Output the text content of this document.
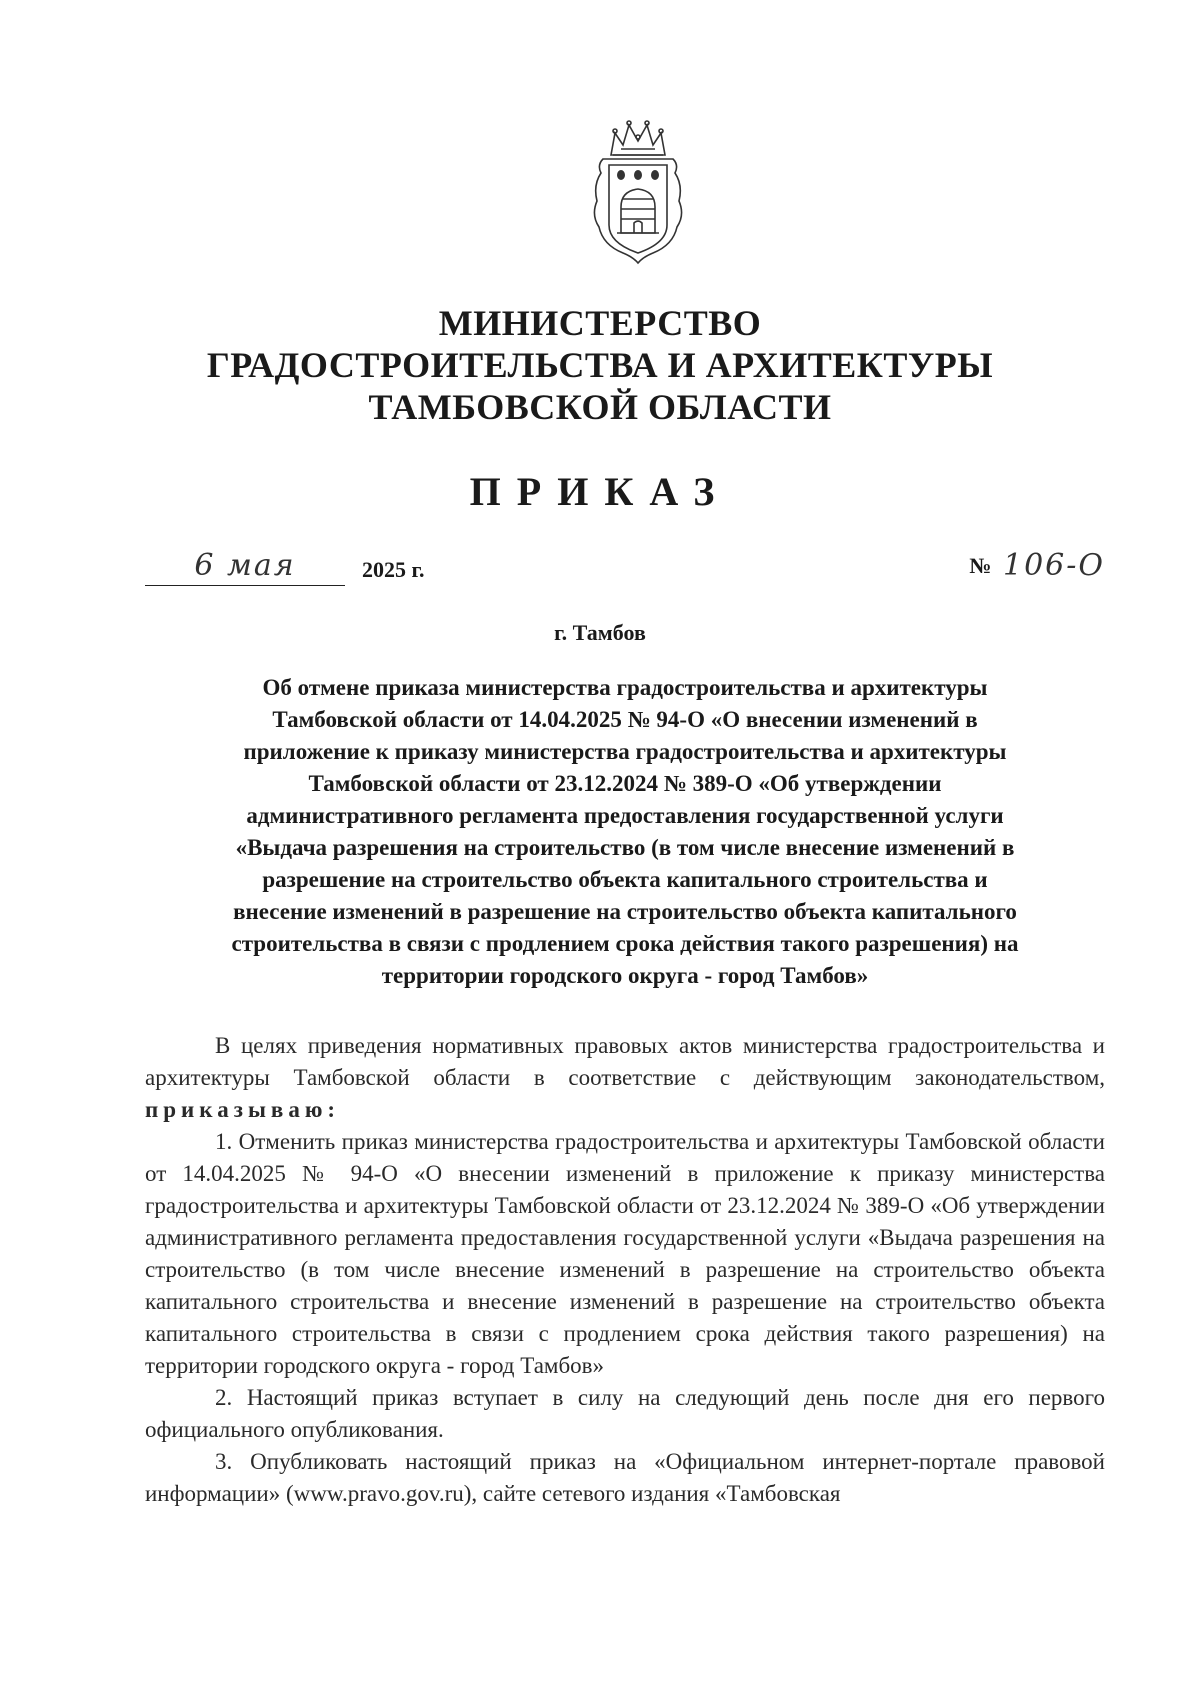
МИНИСТЕРСТВО
ГРАДОСТРОИТЕЛЬСТВА И АРХИТЕКТУРЫ
ТАМБОВСКОЙ ОБЛАСТИ
ПРИКАЗ
6 мая	2025 г.	№ 106-О
г. Тамбов
Об отмене приказа министерства градостроительства и архитектуры
Тамбовской области от 14.04.2025 № 94-О «О внесении изменений в
приложение к приказу министерства градостроительства и архитектуры
Тамбовской области от 23.12.2024 № 389-О «Об утверждении
административного регламента предоставления государственной услуги
«Выдача разрешения на строительство (в том числе внесение изменений в
разрешение на строительство объекта капитального строительства и
внесение изменений в разрешение на строительство объекта капитального
строительства в связи с продлением срока действия такого разрешения) на
территории городского округа - город Тамбов»

В целях приведения нормативных правовых актов министерства градостроительства и архитектуры Тамбовской области в соответствие с действующим законодательством, приказываю:

1. Отменить приказ министерства градостроительства и архитектуры Тамбовской области от 14.04.2025 № 94-О «О внесении изменений в приложение к приказу министерства градостроительства и архитектуры Тамбовской области от 23.12.2024 № 389-О «Об утверждении административного регламента предоставления государственной услуги «Выдача разрешения на строительство (в том числе внесение изменений в разрешение на строительство объекта капитального строительства и внесение изменений в разрешение на строительство объекта капитального строительства в связи с продлением срока действия такого разрешения) на территории городского округа - город Тамбов»

2. Настоящий приказ вступает в силу на следующий день после дня его первого официального опубликования.

3. Опубликовать настоящий приказ на «Официальном интернет-портале правовой информации» (www.pravo.gov.ru), сайте сетевого издания «Тамбовская
